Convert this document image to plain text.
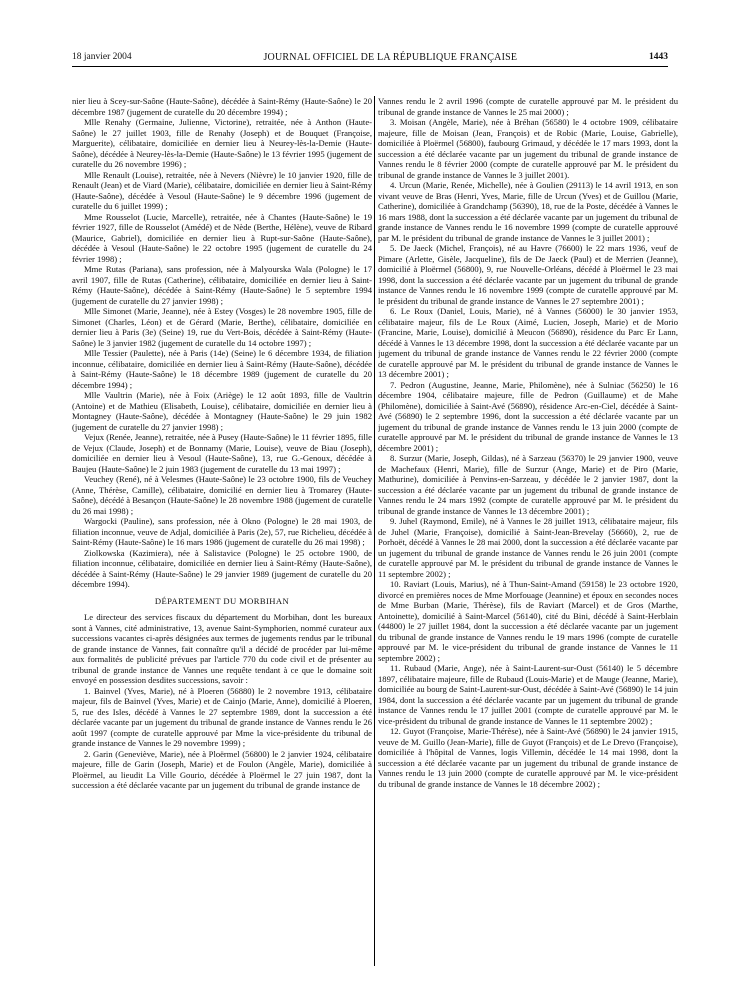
18 janvier 2004	JOURNAL OFFICIEL DE LA RÉPUBLIQUE FRANÇAISE	1443

nier lieu à Scey-sur-Saône (Haute-Saône), décédée à Saint-Rémy (Haute-Saône) le 20 décembre 1987 (jugement de curatelle du 20 décembre 1994) ;

Mlle Renahy (Germaine, Julienne, Victorine), retraitée, née à Anthon (Haute-Saône) le 27 juillet 1903, fille de Renahy (Joseph) et de Bouquet (Françoise, Marguerite), célibataire, domiciliée en dernier lieu à Neurey-lès-la-Demie (Haute-Saône), décédée à Neurey-lès-la-Demie (Haute-Saône) le 13 février 1995 (jugement de curatelle du 26 novembre 1996) ;

Mlle Renault (Louise), retraitée, née à Nevers (Nièvre) le 10 janvier 1920, fille de Renault (Jean) et de Viard (Marie), célibataire, domiciliée en dernier lieu à Saint-Rémy (Haute-Saône), décédée à Vesoul (Haute-Saône) le 9 décembre 1996 (jugement de curatelle du 6 juillet 1999) ;

Mme Rousselot (Lucie, Marcelle), retraitée, née à Chantes (Haute-Saône) le 19 février 1927, fille de Rousselot (Amédé) et de Nède (Berthe, Hélène), veuve de Ribard (Maurice, Gabriel), domiciliée en dernier lieu à Rupt-sur-Saône (Haute-Saône), décédée à Vesoul (Haute-Saône) le 22 octobre 1995 (jugement de curatelle du 24 février 1998) ;

Mme Rutas (Pariana), sans profession, née à Malyourska Wala (Pologne) le 17 avril 1907, fille de Rutas (Catherine), célibataire, domiciliée en dernier lieu à Saint-Rémy (Haute-Saône), décédée à Saint-Rémy (Haute-Saône) le 5 septembre 1994 (jugement de curatelle du 27 janvier 1998) ;

Mlle Simonet (Marie, Jeanne), née à Estey (Vosges) le 28 novembre 1905, fille de Simonet (Charles, Léon) et de Gérard (Marie, Berthe), célibataire, domiciliée en dernier lieu à Paris (3e) (Seine) 19, rue du Vert-Bois, décédée à Saint-Rémy (Haute-Saône) le 3 janvier 1982 (jugement de curatelle du 14 octobre 1997) ;

Mlle Tessier (Paulette), née à Paris (14e) (Seine) le 6 décembre 1934, de filiation inconnue, célibataire, domiciliée en dernier lieu à Saint-Rémy (Haute-Saône), décédée à Saint-Rémy (Haute-Saône) le 18 décembre 1989 (jugement de curatelle du 20 décembre 1994) ;

Mlle Vaultrin (Marie), née à Foix (Ariège) le 12 août 1893, fille de Vaultrin (Antoine) et de Mathieu (Elisabeth, Louise), célibataire, domiciliée en dernier lieu à Montagney (Haute-Saône), décédée à Montagney (Haute-Saône) le 29 juin 1982 (jugement de curatelle du 27 janvier 1998) ;

Vejux (Renée, Jeanne), retraitée, née à Pusey (Haute-Saône) le 11 février 1895, fille de Vejux (Claude, Joseph) et de Bonnamy (Marie, Louise), veuve de Biau (Joseph), domiciliée en dernier lieu à Vesoul (Haute-Saône), 13, rue G.-Genoux, décédée à Baujeu (Haute-Saône) le 2 juin 1983 (jugement de curatelle du 13 mai 1997) ;

Veuchey (René), né à Velesmes (Haute-Saône) le 23 octobre 1900, fils de Veuchey (Anne, Thérèse, Camille), célibataire, domicilié en dernier lieu à Tromarey (Haute-Saône), décédé à Besançon (Haute-Saône) le 28 novembre 1988 (jugement de curatelle du 26 mai 1998) ;

Wargocki (Pauline), sans profession, née à Okno (Pologne) le 28 mai 1903, de filiation inconnue, veuve de Adjal, domiciliée à Paris (2e), 57, rue Richelieu, décédée à Saint-Rémy (Haute-Saône) le 16 mars 1986 (jugement de curatelle du 26 mai 1998) ;

Ziolkowska (Kazimiera), née à Salistavice (Pologne) le 25 octobre 1900, de filiation inconnue, célibataire, domiciliée en dernier lieu à Saint-Rémy (Haute-Saône), décédée à Saint-Rémy (Haute-Saône) le 29 janvier 1989 (jugement de curatelle du 20 décembre 1994).

DÉPARTEMENT DU MORBIHAN

Le directeur des services fiscaux du département du Morbihan, dont les bureaux sont à Vannes, cité administrative, 13, avenue Saint-Symphorien, nommé curateur aux successions vacantes ci-après désignées aux termes de jugements rendus par le tribunal de grande instance de Vannes, fait connaître qu'il a décidé de procéder par lui-même aux formalités de publicité prévues par l'article 770 du code civil et de présenter au tribunal de grande instance de Vannes une requête tendant à ce que le domaine soit envoyé en possession desdites successions, savoir :

1. Bainvel (Yves, Marie), né à Ploeren (56880) le 2 novembre 1913, célibataire majeur, fils de Bainvel (Yves, Marie) et de Cainjo (Marie, Anne), domicilié à Ploeren, 5, rue des Isles, décédé à Vannes le 27 septembre 1989, dont la succession a été déclarée vacante par un jugement du tribunal de grande instance de Vannes rendu le 26 août 1997 (compte de curatelle approuvé par Mme la vice-présidente du tribunal de grande instance de Vannes le 29 novembre 1999) ;

2. Garin (Geneviève, Marie), née à Ploërmel (56800) le 2 janvier 1924, célibataire majeure, fille de Garin (Joseph, Marie) et de Foulon (Angèle, Marie), domiciliée à Ploërmel, au lieudit La Ville Gourio, décédée à Ploërmel le 27 juin 1987, dont la succession a été déclarée vacante par un jugement du tribunal de grande instance de

Vannes rendu le 2 avril 1996 (compte de curatelle approuvé par M. le président du tribunal de grande instance de Vannes le 25 mai 2000) ;

3. Moisan (Angèle, Marie), née à Bréhan (56580) le 4 octobre 1909, célibataire majeure, fille de Moisan (Jean, François) et de Robic (Marie, Louise, Gabrielle), domiciliée à Ploërmel (56800), faubourg Grimaud, y décédée le 17 mars 1993, dont la succession a été déclarée vacante par un jugement du tribunal de grande instance de Vannes rendu le 8 février 2000 (compte de curatelle approuvé par M. le président du tribunal de grande instance de Vannes le 3 juillet 2001).

4. Urcun (Marie, Renée, Michelle), née à Goulien (29113) le 14 avril 1913, en son vivant veuve de Bras (Henri, Yves, Marie, fille de Urcun (Yves) et de Guillou (Marie, Catherine), domiciliée à Grandchamp (56390), 18, rue de la Poste, décédée à Vannes le 16 mars 1988, dont la succession a été déclarée vacante par un jugement du tribunal de grande instance de Vannes rendu le 16 novembre 1999 (compte de curatelle approuvé par M. le président du tribunal de grande instance de Vannes le 3 juillet 2001) ;

5. De Jaeck (Michel, François), né au Havre (76600) le 22 mars 1936, veuf de Pimare (Arlette, Gisèle, Jacqueline), fils de De Jaeck (Paul) et de Merrien (Jeanne), domicilié à Ploërmel (56800), 9, rue Nouvelle-Orléans, décédé à Ploërmel le 23 mai 1998, dont la succession a été déclarée vacante par un jugement du tribunal de grande instance de Vannes rendu le 16 novembre 1999 (compte de curatelle approuvé par M. le président du tribunal de grande instance de Vannes le 27 septembre 2001) ;

6. Le Roux (Daniel, Louis, Marie), né à Vannes (56000) le 30 janvier 1953, célibataire majeur, fils de Le Roux (Aimé, Lucien, Joseph, Marie) et de Morio (Francine, Marie, Louise), domicilié à Meucon (56890), résidence du Parc Er Lann, décédé à Vannes le 13 décembre 1998, dont la succession a été déclarée vacante par un jugement du tribunal de grande instance de Vannes rendu le 22 février 2000 (compte de curatelle approuvé par M. le président du tribunal de grande instance de Vannes le 13 décembre 2001) ;

7. Pedron (Augustine, Jeanne, Marie, Philomène), née à Sulniac (56250) le 16 décembre 1904, célibataire majeure, fille de Pedron (Guillaume) et de Mahe (Philomène), domiciliée à Saint-Avé (56890), résidence Arc-en-Ciel, décédée à Saint-Avé (56890) le 2 septembre 1996, dont la succession a été déclarée vacante par un jugement du tribunal de grande instance de Vannes rendu le 13 juin 2000 (compte de curatelle approuvé par M. le président du tribunal de grande instance de Vannes le 13 décembre 2001) ;

8. Surzur (Marie, Joseph, Gildas), né à Sarzeau (56370) le 29 janvier 1900, veuve de Machefaux (Henri, Marie), fille de Surzur (Ange, Marie) et de Piro (Marie, Mathurine), domiciliée à Penvins-en-Sarzeau, y décédée le 2 janvier 1987, dont la succession a été déclarée vacante par un jugement du tribunal de grande instance de Vannes rendu le 24 mars 1992 (compte de curatelle approuvé par M. le président du tribunal de grande instance de Vannes le 13 décembre 2001) ;

9. Juhel (Raymond, Emile), né à Vannes le 28 juillet 1913, célibataire majeur, fils de Juhel (Marie, Françoise), domicilié à Saint-Jean-Brevelay (56660), 2, rue de Porhoët, décédé à Vannes le 28 mai 2000, dont la succession a été déclarée vacante par un jugement du tribunal de grande instance de Vannes rendu le 26 juin 2001 (compte de curatelle approuvé par M. le président du tribunal de grande instance de Vannes le 11 septembre 2002) ;

10. Raviart (Louis, Marius), né à Thun-Saint-Amand (59158) le 23 octobre 1920, divorcé en premières noces de Mme Morfouage (Jeannine) et époux en secondes noces de Mme Burban (Marie, Thérèse), fils de Raviart (Marcel) et de Gros (Marthe, Antoinette), domicilié à Saint-Marcel (56140), cité du Bini, décédé à Saint-Herblain (44800) le 27 juillet 1984, dont la succession a été déclarée vacante par un jugement du tribunal de grande instance de Vannes rendu le 19 mars 1996 (compte de curatelle approuvé par M. le vice-président du tribunal de grande instance de Vannes le 11 septembre 2002) ;

11. Rubaud (Marie, Ange), née à Saint-Laurent-sur-Oust (56140) le 5 décembre 1897, célibataire majeure, fille de Rubaud (Louis-Marie) et de Mauge (Jeanne, Marie), domiciliée au bourg de Saint-Laurent-sur-Oust, décédée à Saint-Avé (56890) le 14 juin 1984, dont la succession a été déclarée vacante par un jugement du tribunal de grande instance de Vannes rendu le 17 juillet 2001 (compte de curatelle approuvé par M. le vice-président du tribunal de grande instance de Vannes le 11 septembre 2002) ;

12. Guyot (Françoise, Marie-Thérèse), née à Saint-Avé (56890) le 24 janvier 1915, veuve de M. Guillo (Jean-Marie), fille de Guyot (François) et de Le Drevo (Françoise), domiciliée à l'hôpital de Vannes, logis Villemin, décédée le 14 mai 1998, dont la succession a été déclarée vacante par un jugement du tribunal de grande instance de Vannes rendu le 13 juin 2000 (compte de curatelle approuvé par M. le vice-président du tribunal de grande instance de Vannes le 18 décembre 2002) ;
